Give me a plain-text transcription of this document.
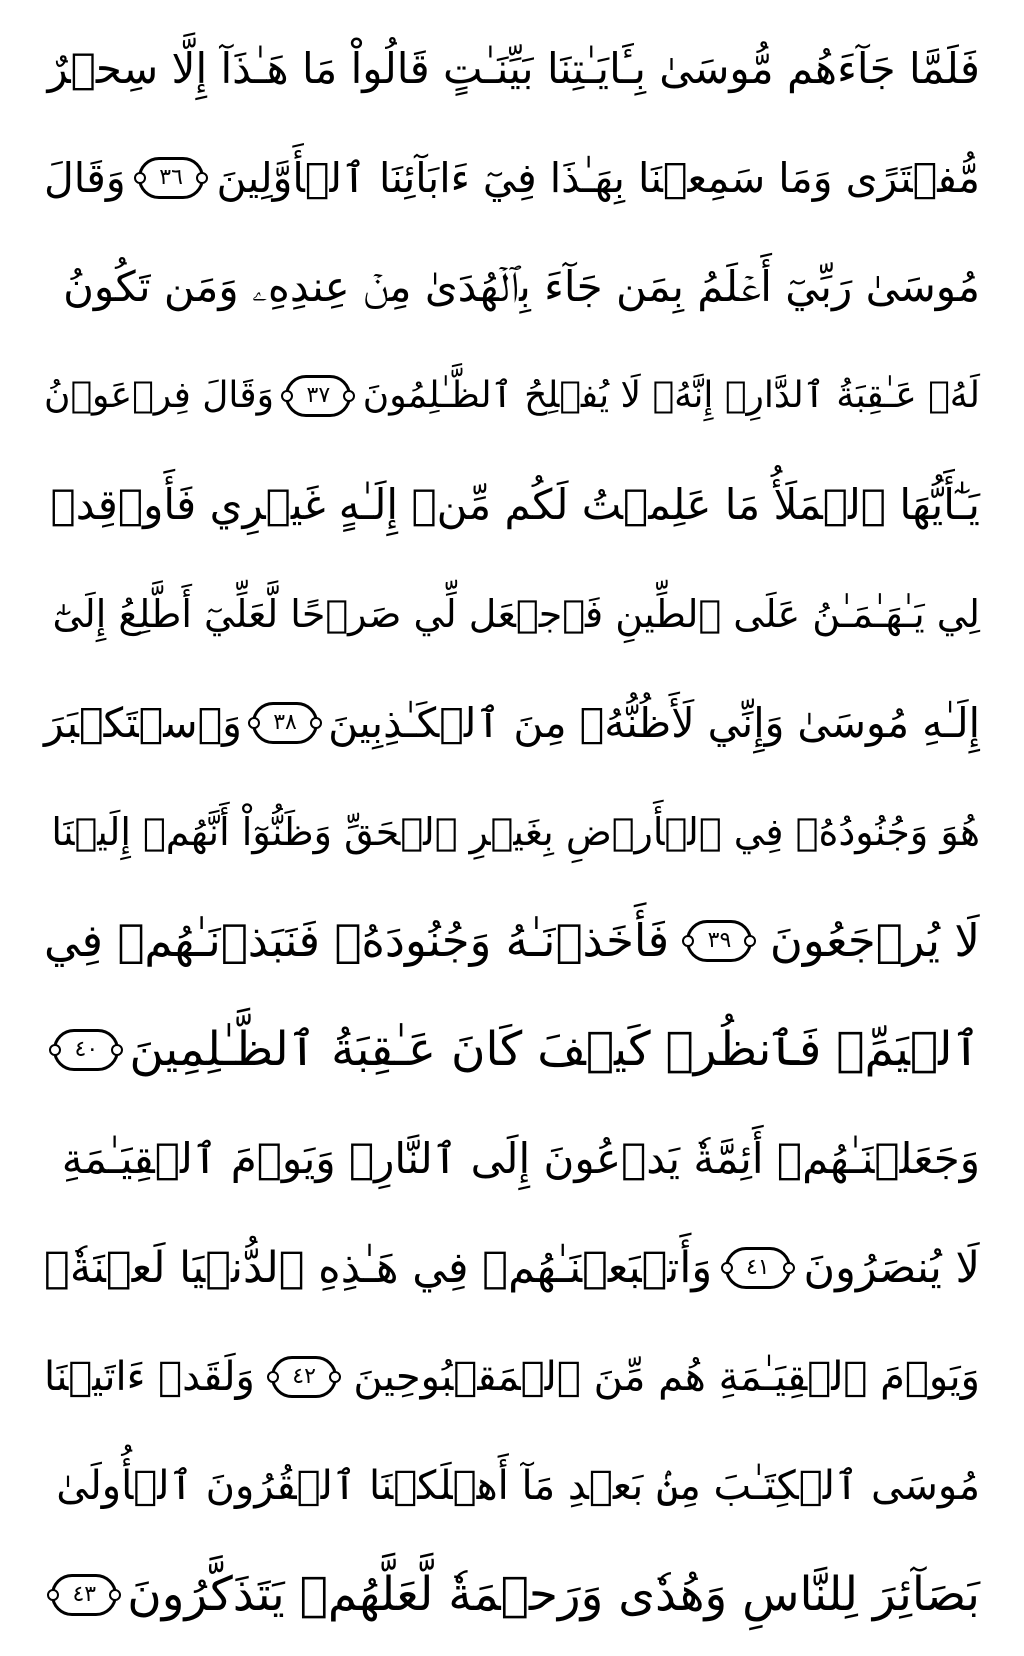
فَلَمَّا جَآءَهُم مُّوسَىٰ بِـَٔايَـٰتِنَا بَيِّنَـٰتٍ قَالُواْ مَا هَـٰذَآ إِلَّا سِحۡرٌ
مُّفۡتَرًى وَمَا سَمِعۡنَا بِهَـٰذَا فِيٓ ءَابَآئِنَا ٱلۡأَوَّلِينَ
٣٦
وَقَالَ
مُوسَىٰ رَبِّيٓ أَعۡلَمُ بِمَن جَآءَ بِٱلۡهُدَىٰ مِنۡ عِندِهِۦ وَمَن تَكُونُ
لَهُۥ عَـٰقِبَةُ ٱلدَّارِۖ إِنَّهُۥ لَا يُفۡلِحُ ٱلظَّـٰلِمُونَ
٣٧
وَقَالَ فِرۡعَوۡنُ
يَـٰٓأَيُّهَا ٱلۡمَلَأُ مَا عَلِمۡتُ لَكُم مِّنۡ إِلَـٰهٍ غَيۡرِي فَأَوۡقِدۡ
لِي يَـٰهَـٰمَـٰنُ عَلَى ٱلطِّينِ فَٱجۡعَل لِّي صَرۡحًا لَّعَلِّيٓ أَطَّلِعُ إِلَىٰٓ
إِلَـٰهِ مُوسَىٰ وَإِنِّي لَأَظُنُّهُۥ مِنَ ٱلۡكَـٰذِبِينَ
٣٨
وَٱسۡتَكۡبَرَ
هُوَ وَجُنُودُهُۥ فِي ٱلۡأَرۡضِ بِغَيۡرِ ٱلۡحَقِّ وَظَنُّوٓاْ أَنَّهُمۡ إِلَيۡنَا
لَا يُرۡجَعُونَ
٣٩
فَأَخَذۡنَـٰهُ وَجُنُودَهُۥ فَنَبَذۡنَـٰهُمۡ فِي
ٱلۡيَمِّۖ فَٱنظُرۡ كَيۡفَ كَانَ عَـٰقِبَةُ ٱلظَّـٰلِمِينَ
٤٠
وَجَعَلۡنَـٰهُمۡ أَئِمَّةٗ يَدۡعُونَ إِلَى ٱلنَّارِۖ وَيَوۡمَ ٱلۡقِيَـٰمَةِ
لَا يُنصَرُونَ
٤١
وَأَتۡبَعۡنَـٰهُمۡ فِي هَـٰذِهِ ٱلدُّنۡيَا لَعۡنَةٗۖ
وَيَوۡمَ ٱلۡقِيَـٰمَةِ هُم مِّنَ ٱلۡمَقۡبُوحِينَ
٤٢
وَلَقَدۡ ءَاتَيۡنَا
مُوسَى ٱلۡكِتَـٰبَ مِنۢ بَعۡدِ مَآ أَهۡلَكۡنَا ٱلۡقُرُونَ ٱلۡأُولَىٰ
بَصَآئِرَ لِلنَّاسِ وَهُدٗى وَرَحۡمَةٗ لَّعَلَّهُمۡ يَتَذَكَّرُونَ
٤٣
